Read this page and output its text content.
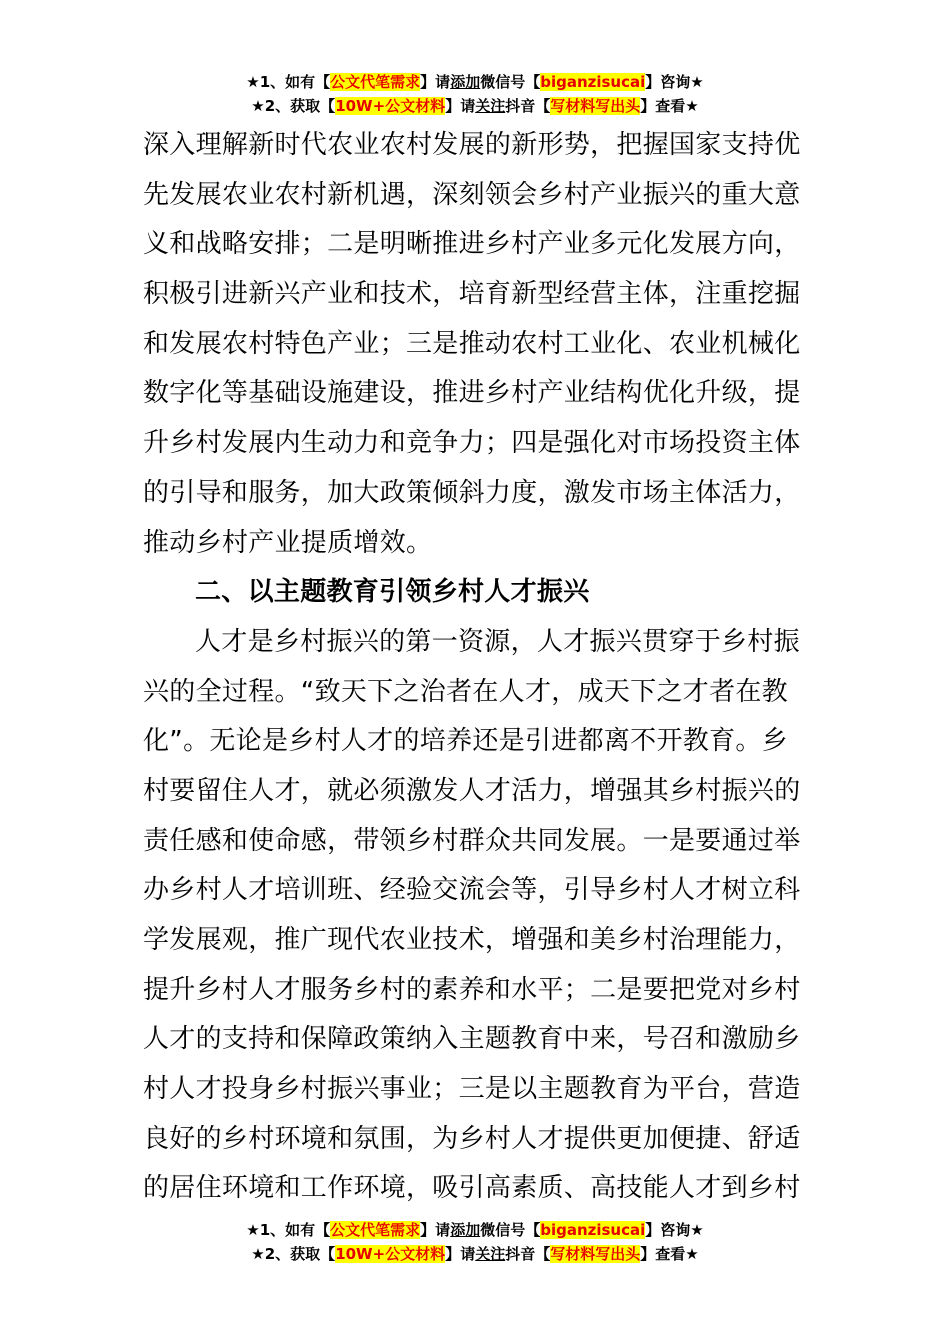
★1、如有【公文代笔需求】请添加微信号【biganzisucai】咨询★
★2、获取【10W+公文材料】请关注抖音【写材料写出头】查看★
深入理解新时代农业农村发展的新形势，把握国家支持优
先发展农业农村新机遇，深刻领会乡村产业振兴的重大意
义和战略安排；二是明晰推进乡村产业多元化发展方向，
积极引进新兴产业和技术，培育新型经营主体，注重挖掘
和发展农村特色产业；三是推动农村工业化、农业机械化
数字化等基础设施建设，推进乡村产业结构优化升级，提
升乡村发展内生动力和竞争力；四是强化对市场投资主体
的引导和服务，加大政策倾斜力度，激发市场主体活力，
推动乡村产业提质增效。
二、以主题教育引领乡村人才振兴
人才是乡村振兴的第一资源，人才振兴贯穿于乡村振
兴的全过程。“致天下之治者在人才，成天下之才者在教
化”。无论是乡村人才的培养还是引进都离不开教育。乡
村要留住人才，就必须激发人才活力，增强其乡村振兴的
责任感和使命感，带领乡村群众共同发展。一是要通过举
办乡村人才培训班、经验交流会等，引导乡村人才树立科
学发展观，推广现代农业技术，增强和美乡村治理能力，
提升乡村人才服务乡村的素养和水平；二是要把党对乡村
人才的支持和保障政策纳入主题教育中来，号召和激励乡
村人才投身乡村振兴事业；三是以主题教育为平台，营造
良好的乡村环境和氛围，为乡村人才提供更加便捷、舒适
的居住环境和工作环境，吸引高素质、高技能人才到乡村
★1、如有【公文代笔需求】请添加微信号【biganzisucai】咨询★
★2、获取【10W+公文材料】请关注抖音【写材料写出头】查看★
